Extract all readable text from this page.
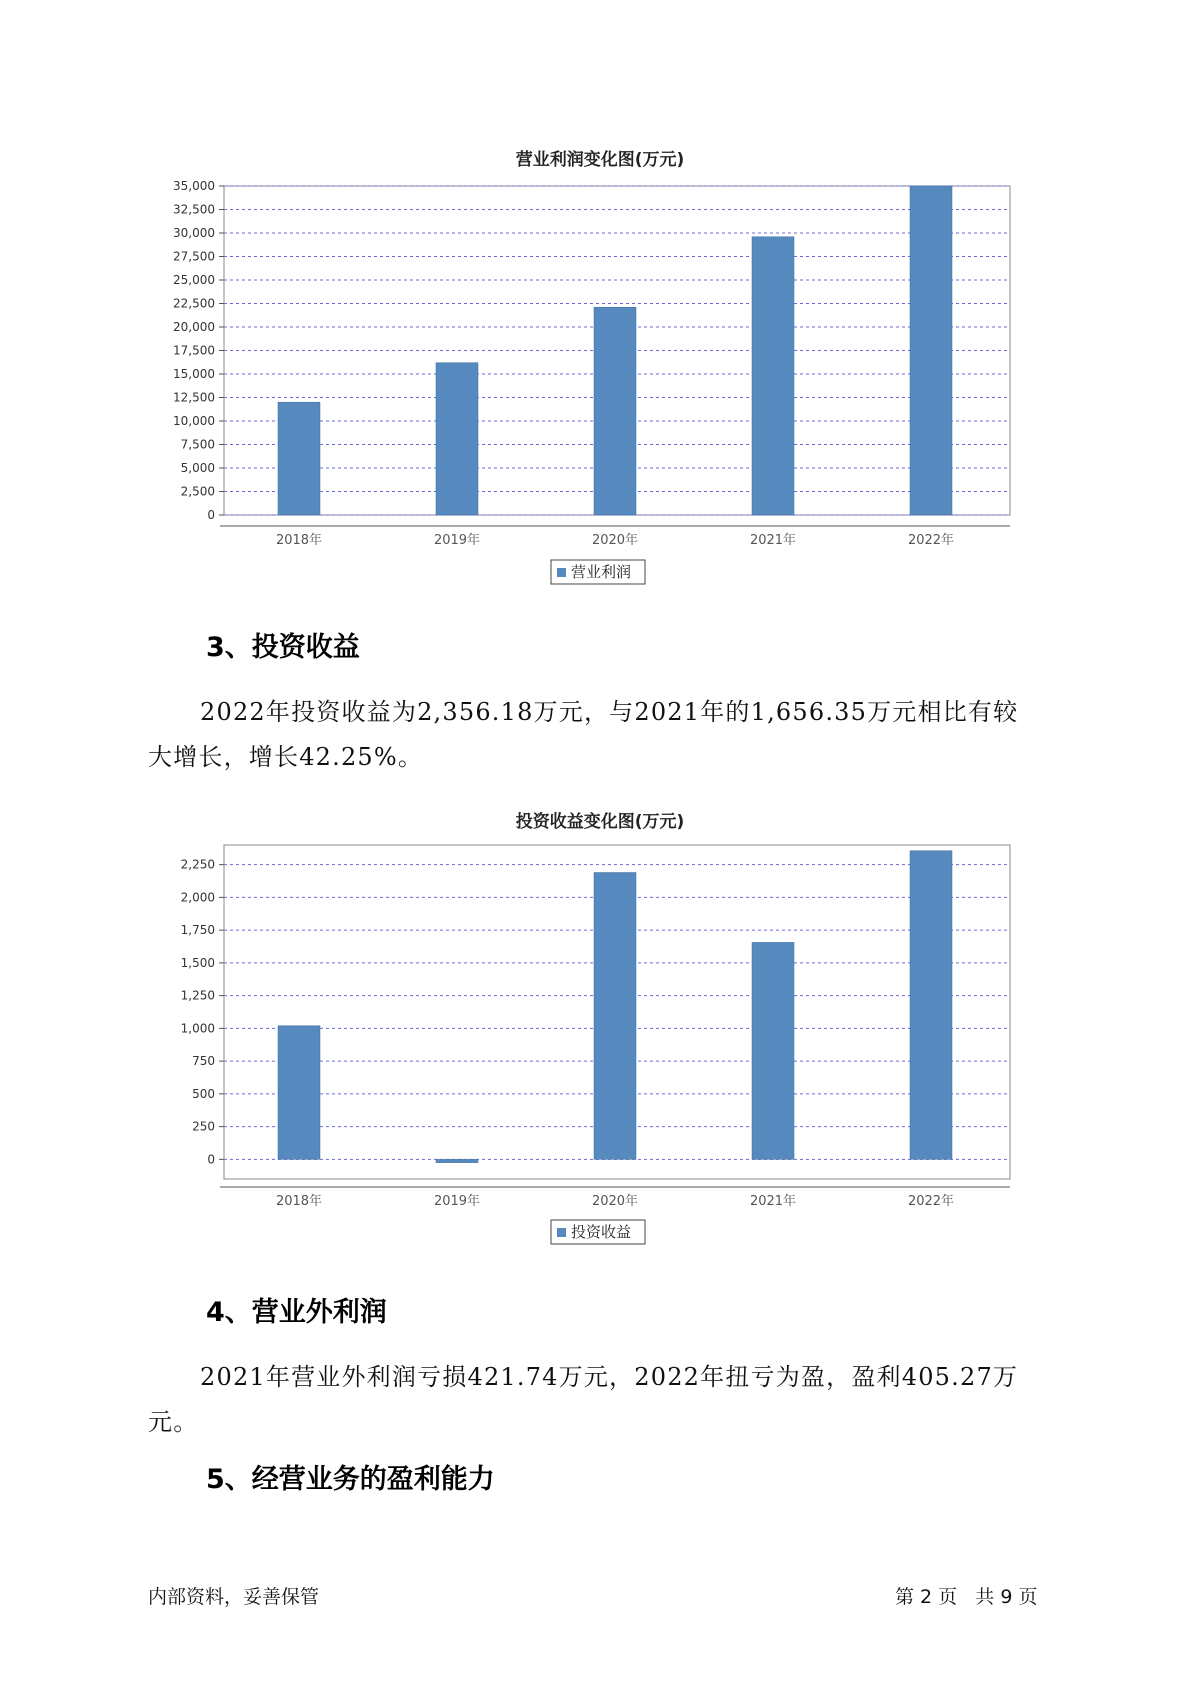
营业利润变化图(万元)
0
2,500
5,000
7,500
10,000
12,500
15,000
17,500
20,000
22,500
25,000
27,500
30,000
32,500
35,000
2018年	2019年	2020年	2021年	2022年
营业利润
3、投资收益
2022年投资收益为2,356.18万元，与2021年的1,656.35万元相比有较
大增长，增长42.25%。
投资收益变化图(万元)
0
250
500
750
1,000
1,250
1,500
1,750
2,000
2,250
2018年	2019年	2020年	2021年	2022年
投资收益
4、营业外利润
2021年营业外利润亏损421.74万元，2022年扭亏为盈，盈利405.27万
元。
5、经营业务的盈利能力
内部资料，妥善保管	第 2 页   共 9 页
